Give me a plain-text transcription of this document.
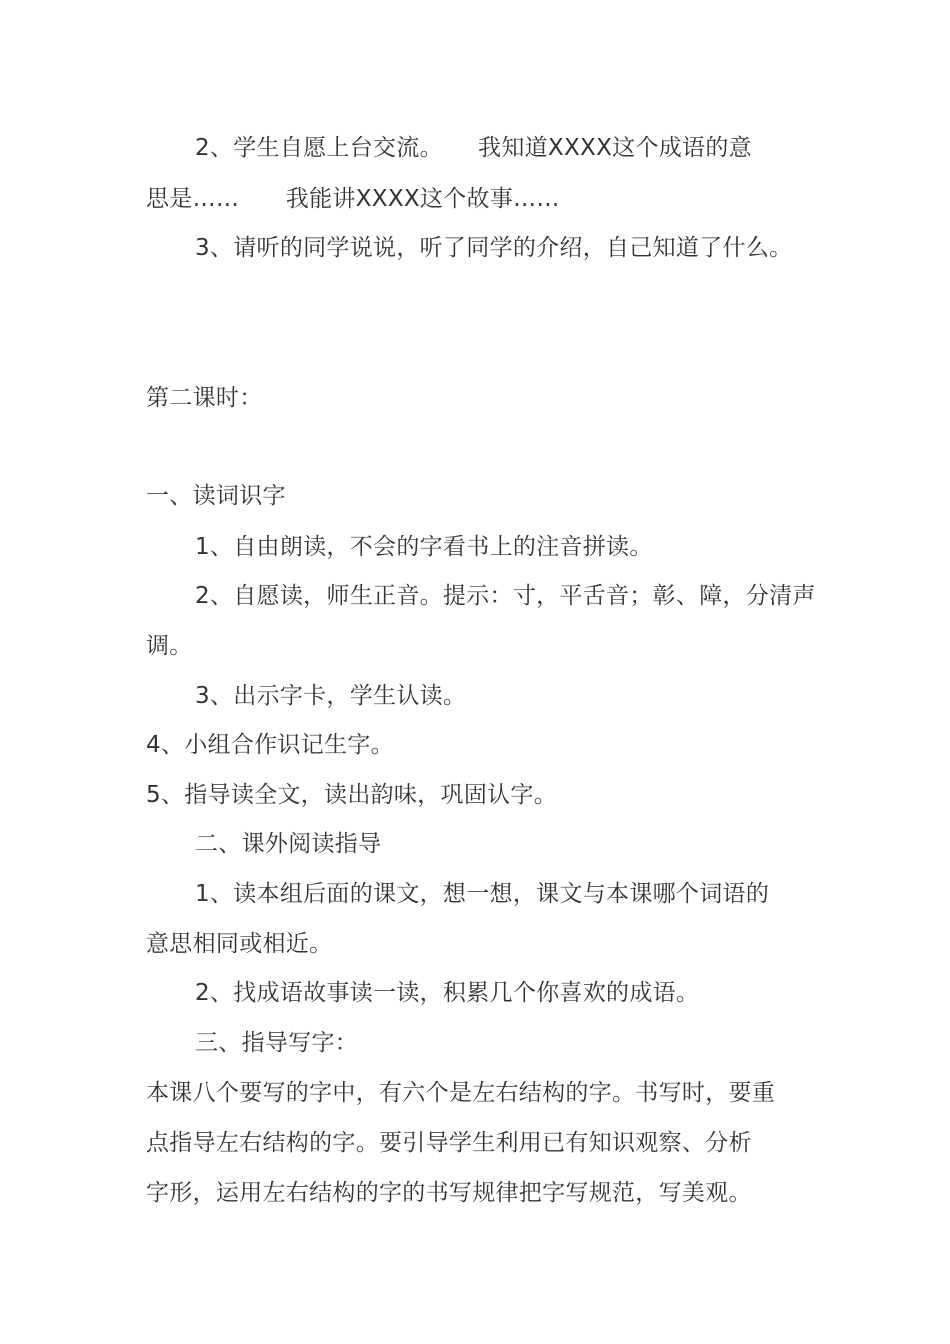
2、学生自愿上台交流。　　我知道XXXX这个成语的意
思是……　　我能讲XXXX这个故事……
3、请听的同学说说，听了同学的介绍，自己知道了什么。
第二课时：
一、读词识字
1、自由朗读，不会的字看书上的注音拼读。
2、自愿读，师生正音。提示：寸，平舌音；彰、障，分清声
调。
3、出示字卡，学生认读。
4、小组合作识记生字。
5、指导读全文，读出韵味，巩固认字。
二、课外阅读指导
1、读本组后面的课文，想一想，课文与本课哪个词语的
意思相同或相近。
2、找成语故事读一读，积累几个你喜欢的成语。
三、指导写字：
本课八个要写的字中，有六个是左右结构的字。书写时，要重
点指导左右结构的字。要引导学生利用已有知识观察、分析
字形，运用左右结构的字的书写规律把字写规范，写美观。
